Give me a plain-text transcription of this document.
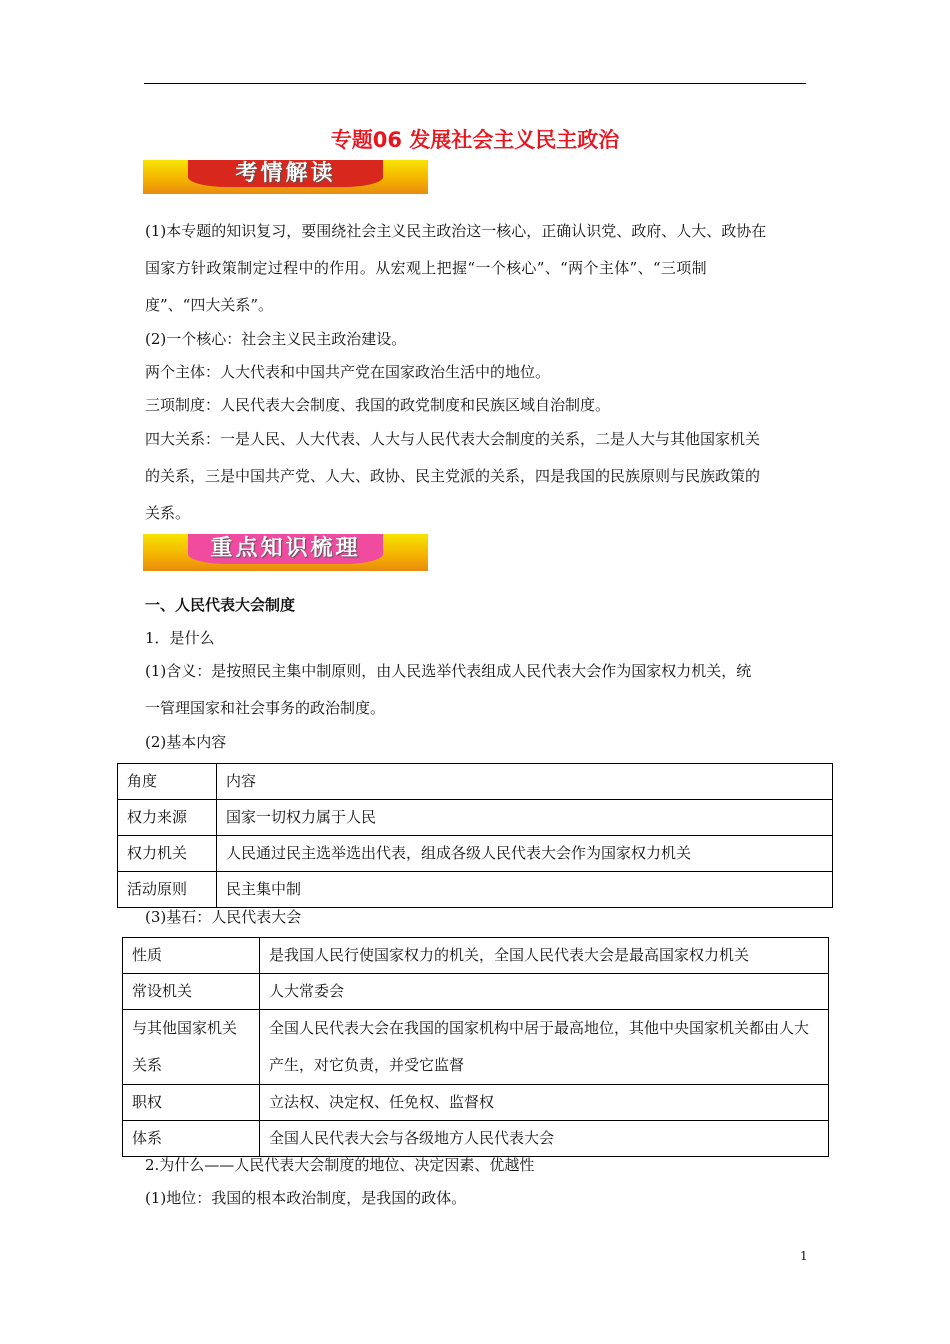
专题06 发展社会主义民主政治
考情解读
(1)本专题的知识复习，要围绕社会主义民主政治这一核心，正确认识党、政府、人大、政协在
国家方针政策制定过程中的作用。从宏观上把握“一个核心”、“两个主体”、“三项制
度”、“四大关系”。
(2)一个核心：社会主义民主政治建设。
两个主体：人大代表和中国共产党在国家政治生活中的地位。
三项制度：人民代表大会制度、我国的政党制度和民族区域自治制度。
四大关系：一是人民、人大代表、人大与人民代表大会制度的关系，二是人大与其他国家机关
的关系，三是中国共产党、人大、政协、民主党派的关系，四是我国的民族原则与民族政策的
关系。
重点知识梳理
一、人民代表大会制度
1．是什么
(1)含义：是按照民主集中制原则，由人民选举代表组成人民代表大会作为国家权力机关，统
一管理国家和社会事务的政治制度。
(2)基本内容
角度	内容
权力来源	国家一切权力属于人民
权力机关	人民通过民主选举选出代表，组成各级人民代表大会作为国家权力机关
活动原则	民主集中制
(3)基石：人民代表大会
性质	是我国人民行使国家权力的机关，全国人民代表大会是最高国家权力机关
常设机关	人大常委会
与其他国家机关关系	全国人民代表大会在我国的国家机构中居于最高地位，其他中央国家机关都由人大产生，对它负责，并受它监督
职权	立法权、决定权、任免权、监督权
体系	全国人民代表大会与各级地方人民代表大会
2.为什么——人民代表大会制度的地位、决定因素、优越性
(1)地位：我国的根本政治制度，是我国的政体。
1
